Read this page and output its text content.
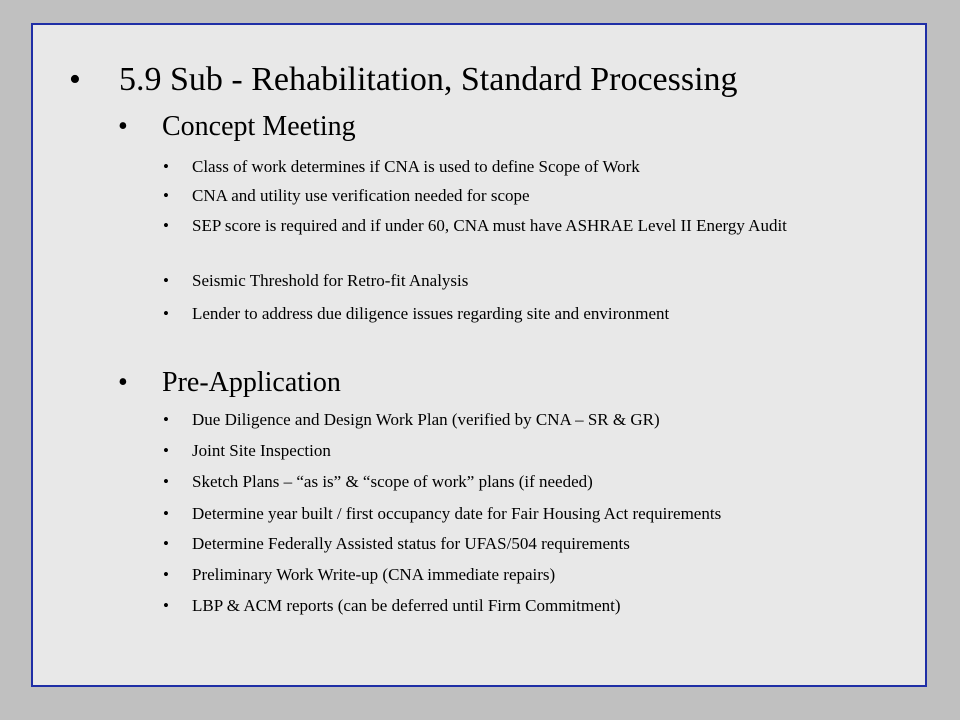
• 5.9 Sub - Rehabilitation, Standard Processing
• Concept Meeting
• Class of work determines if CNA is used to define Scope of Work
• CNA and utility use verification needed for scope
• SEP score is required and if under 60, CNA must have ASHRAE Level II Energy Audit
• Seismic Threshold for Retro-fit Analysis
• Lender to address due diligence issues regarding site and environment
• Pre-Application
• Due Diligence and Design Work Plan (verified by CNA – SR & GR)
• Joint Site Inspection
• Sketch Plans – “as is” & “scope of work” plans (if needed)
• Determine year built / first occupancy date for Fair Housing Act requirements
• Determine Federally Assisted status for UFAS/504 requirements
• Preliminary Work Write-up (CNA immediate repairs)
• LBP & ACM reports (can be deferred until Firm Commitment)
